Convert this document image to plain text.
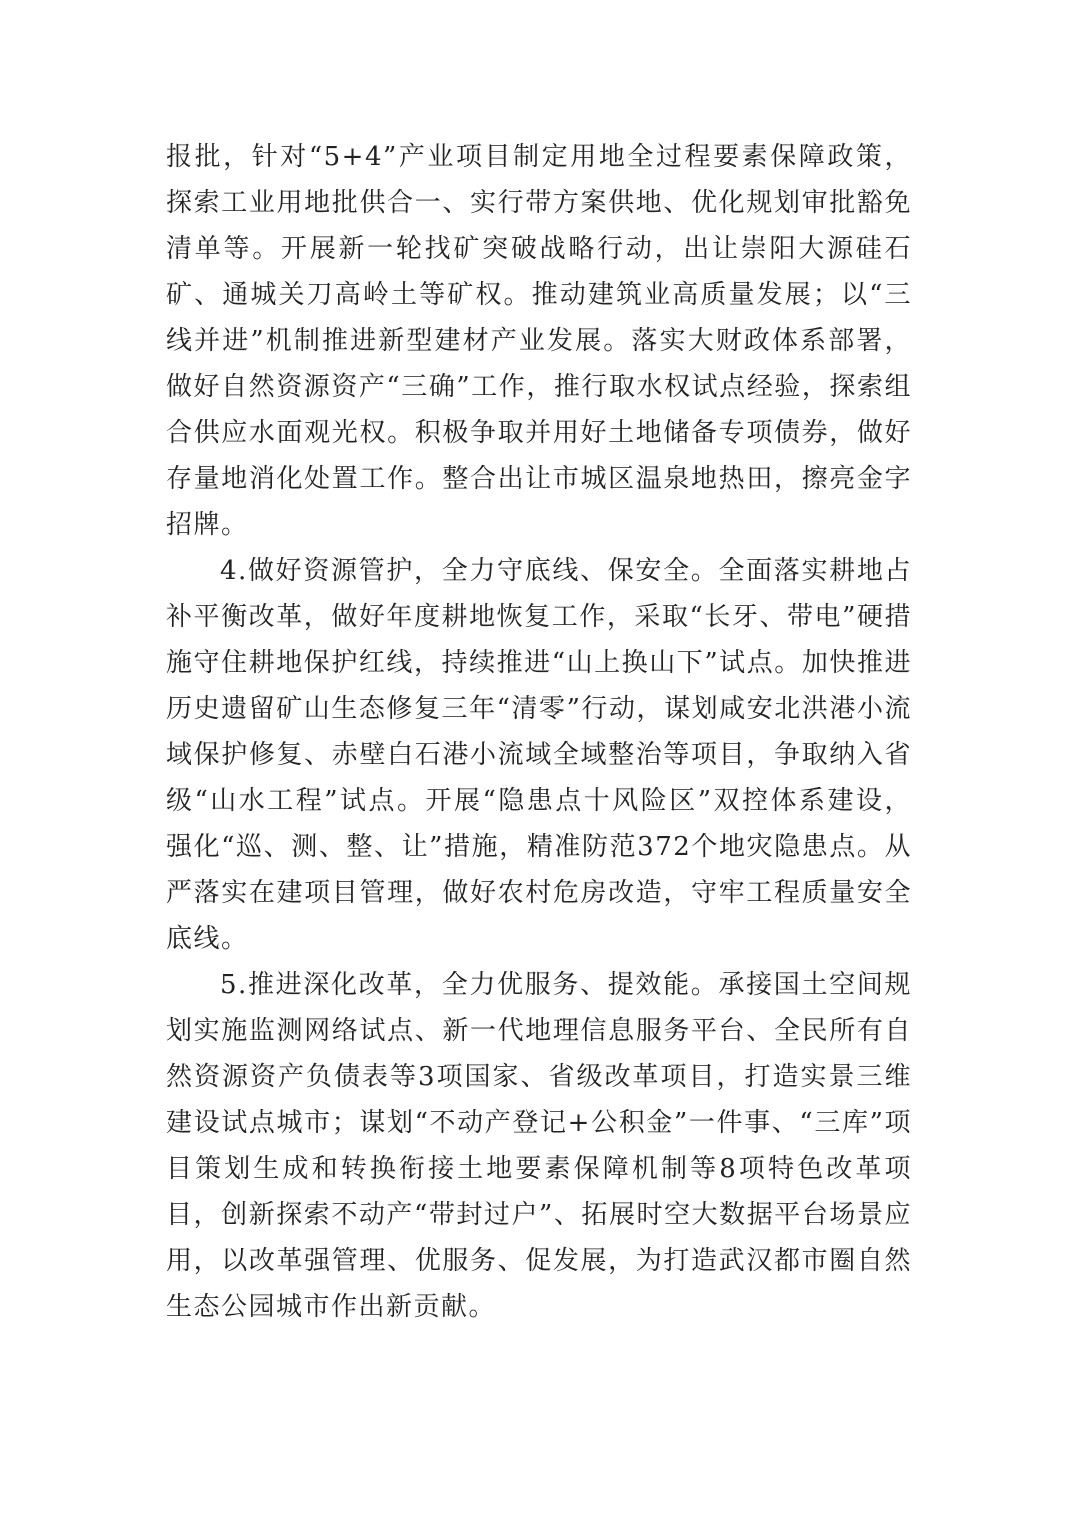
报批，针对“5+4”产业项目制定用地全过程要素保障政策，探索工业用地批供合一、实行带方案供地、优化规划审批豁免清单等。开展新一轮找矿突破战略行动，出让崇阳大源硅石矿、通城关刀高岭土等矿权。推动建筑业高质量发展；以“三线并进”机制推进新型建材产业发展。落实大财政体系部署，做好自然资源资产“三确”工作，推行取水权试点经验，探索组合供应水面观光权。积极争取并用好土地储备专项债券，做好存量地消化处置工作。整合出让市城区温泉地热田，擦亮金字招牌。

4.做好资源管护，全力守底线、保安全。全面落实耕地占补平衡改革，做好年度耕地恢复工作，采取“长牙、带电”硬措施守住耕地保护红线，持续推进“山上换山下”试点。加快推进历史遗留矿山生态修复三年“清零”行动，谋划咸安北洪港小流域保护修复、赤壁白石港小流域全域整治等项目，争取纳入省级“山水工程”试点。开展“隐患点十风险区”双控体系建设，强化“巡、测、整、让”措施，精准防范372个地灾隐患点。从严落实在建项目管理，做好农村危房改造，守牢工程质量安全底线。

5.推进深化改革，全力优服务、提效能。承接国土空间规划实施监测网络试点、新一代地理信息服务平台、全民所有自然资源资产负债表等3项国家、省级改革项目，打造实景三维建设试点城市；谋划“不动产登记+公积金”一件事、“三库”项目策划生成和转换衔接土地要素保障机制等8项特色改革项目，创新探索不动产“带封过户”、拓展时空大数据平台场景应用，以改革强管理、优服务、促发展，为打造武汉都市圈自然生态公园城市作出新贡献。
